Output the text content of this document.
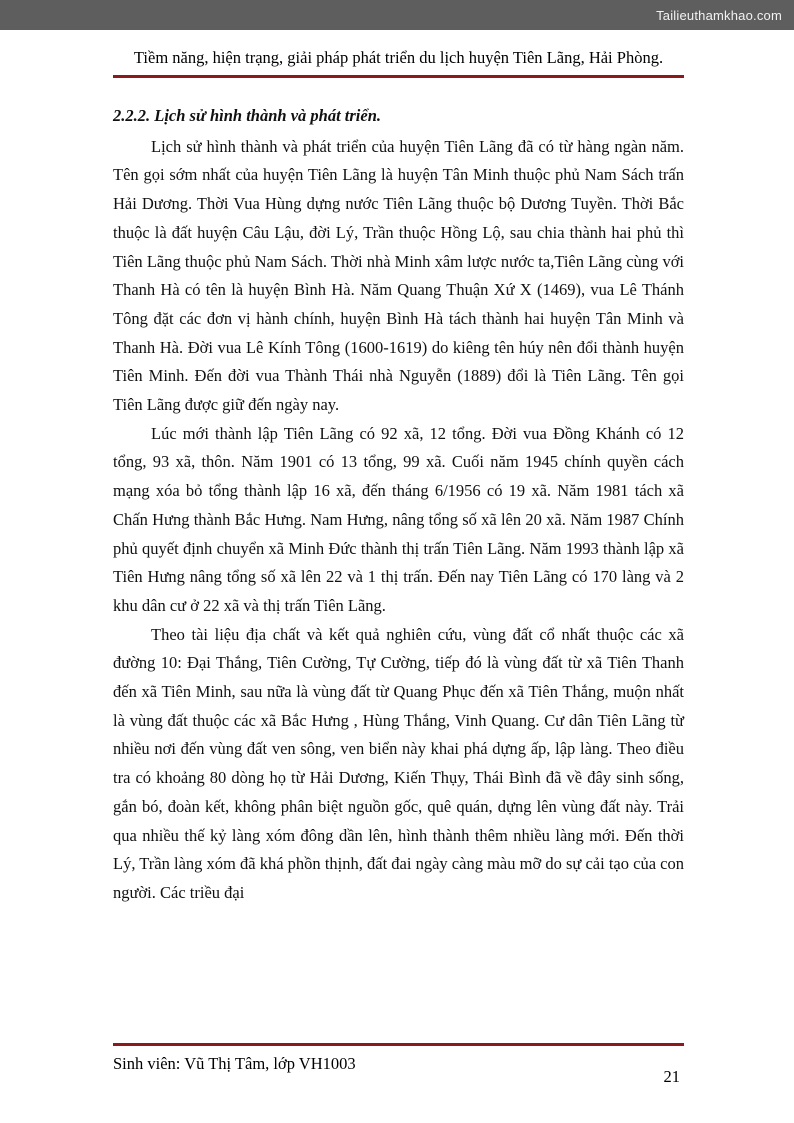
Tailieuthamkhao.com
Tiềm năng, hiện trạng, giải pháp phát triển du lịch huyện Tiên Lãng, Hải Phòng.
2.2.2. Lịch sử hình thành và phát triển.

Lịch sử hình thành và phát triển của huyện Tiên Lãng đã có từ hàng ngàn năm. Tên gọi sớm nhất của huyện Tiên Lãng là huyện Tân Minh thuộc phủ Nam Sách trấn Hải Dương. Thời Vua Hùng dựng nước Tiên Lãng thuộc bộ Dương Tuyền. Thời Bắc thuộc là đất huyện Câu Lậu, đời Lý, Trần thuộc Hồng Lộ, sau chia thành hai phủ thì Tiên Lãng thuộc phủ Nam Sách. Thời nhà Minh xâm lược nước ta,Tiên Lãng cùng với Thanh Hà có tên là huyện Bình Hà. Năm Quang Thuận Xứ X (1469), vua Lê Thánh Tông đặt các đơn vị hành chính, huyện Bình Hà tách thành hai huyện Tân Minh và Thanh Hà. Đời vua Lê Kính Tông (1600-1619) do kiêng tên húy nên đổi thành huyện Tiên Minh. Đến đời vua Thành Thái nhà Nguyễn (1889) đổi là Tiên Lãng. Tên gọi Tiên Lãng được giữ đến ngày nay.

Lúc mới thành lập Tiên Lãng có 92 xã, 12 tổng. Đời vua Đồng Khánh có 12 tổng, 93 xã, thôn. Năm 1901 có 13 tổng, 99 xã. Cuối năm 1945 chính quyền cách mạng xóa bỏ tổng thành lập 16 xã, đến tháng 6/1956 có 19 xã. Năm 1981 tách xã Chấn Hưng thành Bắc Hưng. Nam Hưng, nâng tổng số xã lên 20 xã. Năm 1987 Chính phủ quyết định chuyển xã Minh Đức thành thị trấn Tiên Lãng. Năm 1993 thành lập xã Tiên Hưng nâng tổng số xã lên 22 và 1 thị trấn. Đến nay Tiên Lãng có 170 làng và 2 khu dân cư ở 22 xã và thị trấn Tiên Lãng.

Theo tài liệu địa chất và kết quả nghiên cứu, vùng đất cổ nhất thuộc các xã đường 10: Đại Thắng, Tiên Cường, Tự Cường, tiếp đó là vùng đất từ xã Tiên Thanh đến xã Tiên Minh, sau nữa là vùng đất từ Quang Phục đến xã Tiên Thắng, muộn nhất là vùng đất thuộc các xã Bắc Hưng , Hùng Thắng, Vinh Quang. Cư dân Tiên Lãng từ nhiều nơi đến vùng đất ven sông, ven biển này khai phá dựng ấp, lập làng. Theo điều tra có khoảng 80 dòng họ từ Hải Dương, Kiến Thụy, Thái Bình đã về đây sinh sống, gắn bó, đoàn kết, không phân biệt nguồn gốc, quê quán, dựng lên vùng đất này. Trải qua nhiều thế kỷ làng xóm đông dần lên, hình thành thêm nhiều làng mới. Đến thời Lý, Trần làng xóm đã khá phồn thịnh, đất đai ngày càng màu mỡ do sự cải tạo của con người. Các triều đại

Sinh viên: Vũ Thị Tâm, lớp VH1003
21
